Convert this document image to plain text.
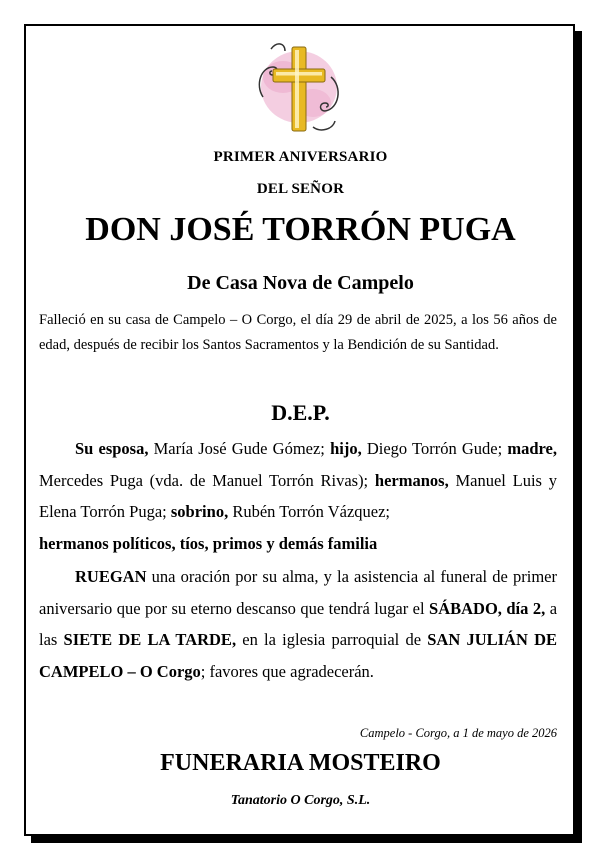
PRIMER ANIVERSARIO
DEL SEÑOR
DON JOSÉ TORRÓN PUGA
De Casa Nova de Campelo
Falleció en su casa de Campelo – O Corgo, el día 29 de abril de 2025, a los 56 años de edad, después de recibir los Santos Sacramentos y la Bendición de su Santidad.
D.E.P.
Su esposa, María José Gude Gómez; hijo, Diego Torrón Gude; madre, Mercedes Puga (vda. de Manuel Torrón Rivas); hermanos, Manuel Luis y Elena Torrón Puga; sobrino, Rubén Torrón Vázquez;
hermanos políticos, tíos, primos y demás familia
RUEGAN una oración por su alma, y la asistencia al funeral de primer aniversario que por su eterno descanso que tendrá lugar el SÁBADO, día 2, a las SIETE DE LA TARDE, en la iglesia parroquial de SAN JULIÁN DE CAMPELO – O Corgo; favores que agradecerán.
Campelo - Corgo, a 1 de mayo de 2026
FUNERARIA MOSTEIRO
Tanatorio O Corgo, S.L.
